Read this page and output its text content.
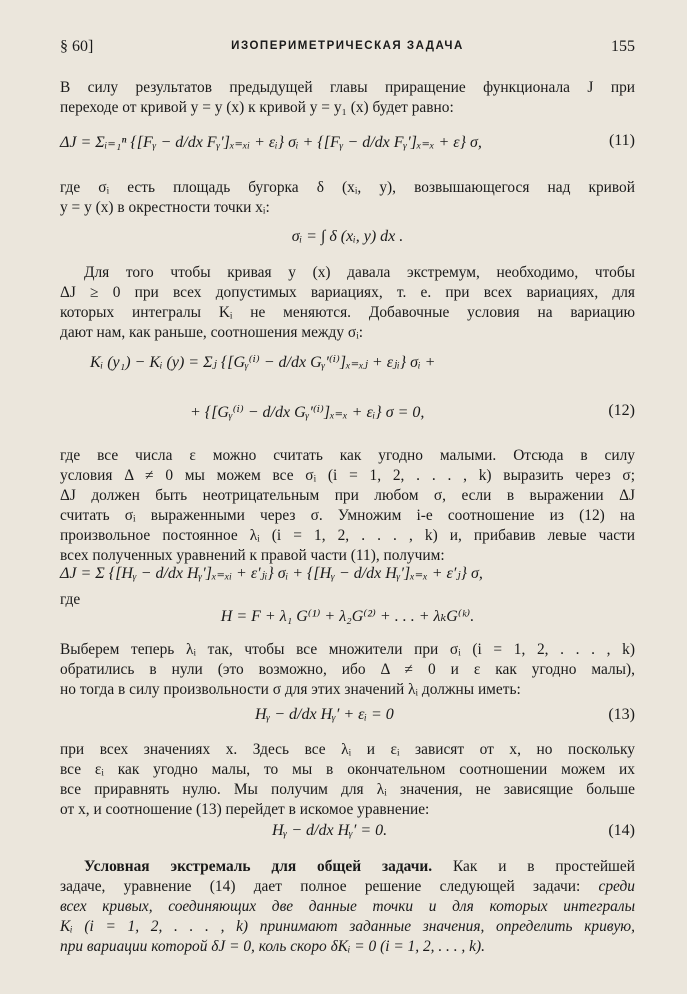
§ 60]	ИЗОПЕРИМЕТРИЧЕСКАЯ ЗАДАЧА	155
В силу результатов предыдущей главы приращение функционала J при
переходе от кривой y = y (x) к кривой y = y₁ (x) будет равно:
ΔJ = Σᵢ₌₁ⁿ {[Fᵧ − d/dx Fᵧ′]ₓ₌ₓᵢ + εᵢ} σᵢ + {[Fᵧ − d/dx Fᵧ′]ₓ₌ₓ + ε} σ,	(11)
где σᵢ есть площадь бугорка δ (xᵢ, y), возвышающегося над кривой
y = y (x) в окрестности точки xᵢ:
σᵢ = ∫ δ (xᵢ, y) dx .
Для того чтобы кривая y (x) давала экстремум, необходимо, чтобы
ΔJ ≥ 0 при всех допустимых вариациях, т. е. при всех вариациях, для
которых интегралы Kᵢ не меняются. Добавочные условия на вариацию
дают нам, как раньше, соотношения между σᵢ:
Kᵢ (y₁) − Kᵢ (y) = Σⱼ {[Gᵧ⁽ⁱ⁾ − d/dx Gᵧ′⁽ⁱ⁾]ₓ₌ₓⱼ + εⱼᵢ} σᵢ +
+ {[Gᵧ⁽ⁱ⁾ − d/dx Gᵧ′⁽ⁱ⁾]ₓ₌ₓ + εᵢ} σ = 0,	(12)
где все числа ε можно считать как угодно малыми. Отсюда в силу
условия Δ ≠ 0 мы можем все σᵢ (i = 1, 2, . . . , k) выразить через σ;
ΔJ должен быть неотрицательным при любом σ, если в выражении ΔJ
считать σᵢ выраженными через σ. Умножим i-е соотношение из (12) на
произвольное постоянное λᵢ (i = 1, 2, . . . , k) и, прибавив левые части
всех полученных уравнений к правой части (11), получим:
ΔJ = Σ {[Hᵧ − d/dx Hᵧ′]ₓ₌ₓᵢ + ε′ⱼᵢ} σᵢ + {[Hᵧ − d/dx Hᵧ′]ₓ₌ₓ + ε′ⱼ} σ,
где
H = F + λ₁ G⁽¹⁾ + λ₂G⁽²⁾ + . . . + λₖG⁽ᵏ⁾.
Выберем теперь λᵢ так, чтобы все множители при σᵢ (i = 1, 2, . . . , k)
обратились в нули (это возможно, ибо Δ ≠ 0 и ε как угодно малы),
но тогда в силу произвольности σ для этих значений λᵢ должны иметь:
Hᵧ − d/dx Hᵧ′ + εᵢ = 0	(13)
при всех значениях x. Здесь все λᵢ и εᵢ зависят от x, но поскольку
все εᵢ как угодно малы, то мы в окончательном соотношении можем их
все приравнять нулю. Мы получим для λᵢ значения, не зависящие больше
от x, и соотношение (13) перейдет в искомое уравнение:
Hᵧ − d/dx Hᵧ′ = 0.	(14)
Условная экстремаль для общей задачи. Как и в простейшей
задаче, уравнение (14) дает полное решение следующей задачи: среди
всех кривых, соединяющих две данные точки и для которых интегралы
Kᵢ (i = 1, 2, . . . , k) принимают заданные значения, определить кривую,
при вариации которой δJ = 0, коль скоро δKᵢ = 0 (i = 1, 2, . . . , k).
